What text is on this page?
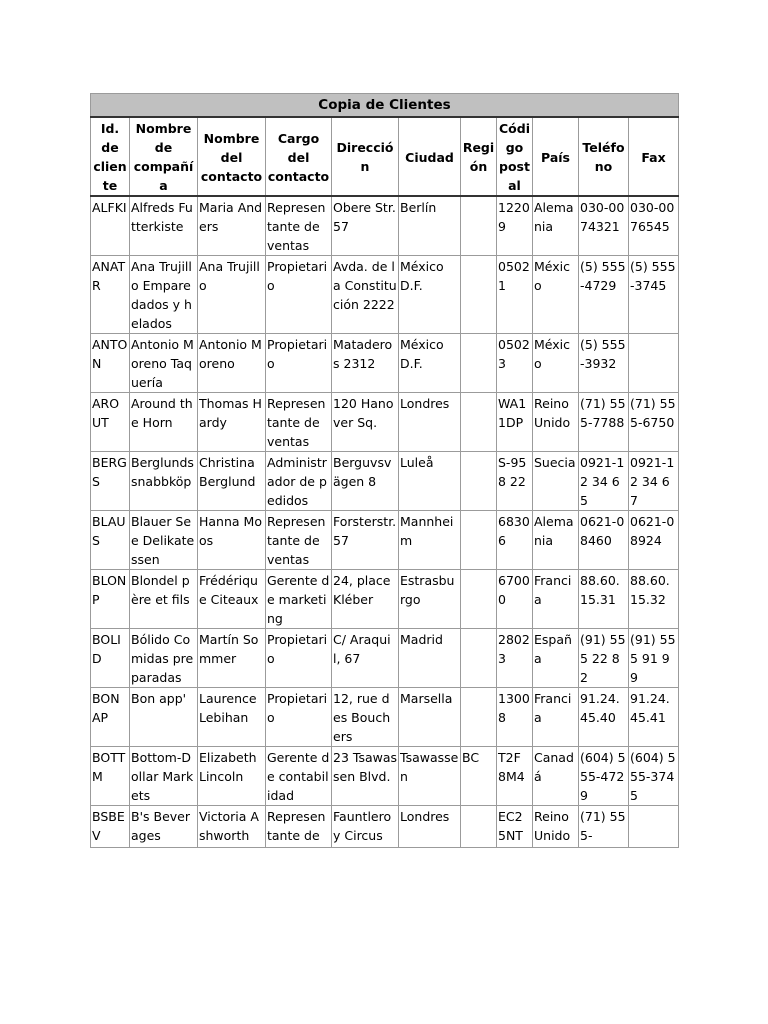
Copia de Clientes
Id. de cliente	Nombre de compañía	Nombre del contacto	Cargo del contacto	Dirección	Ciudad	Región	Código postal	País	Teléfono	Fax
ALFKI	Alfreds Futterkiste	Maria Anders	Representante de ventas	Obere Str. 57	Berlín		12209	Alemania	030-0074321	030-0076545
ANATR	Ana Trujillo Emparedados y helados	Ana Trujillo	Propietario	Avda. de la Constitución 2222	México D.F.		05021	México	(5) 555-4729	(5) 555-3745
ANTON	Antonio Moreno Taquería	Antonio Moreno	Propietario	Mataderos 2312	México D.F.		05023	México	(5) 555-3932	
AROUT	Around the Horn	Thomas Hardy	Representante de ventas	120 Hanover Sq.	Londres		WA1 1DP	Reino Unido	(71) 555-7788	(71) 555-6750
BERGS	Berglunds snabbköp	Christina Berglund	Administrador de pedidos	Berguvsvägen 8	Luleå		S-958 22	Suecia	0921-12 34 65	0921-12 34 67
BLAUS	Blauer See Delikatessen	Hanna Moos	Representante de ventas	Forsterstr. 57	Mannheim		68306	Alemania	0621-08460	0621-08924
BLONP	Blondel père et fils	Frédérique Citeaux	Gerente de marketing	24, place Kléber	Estrasburgo		67000	Francia	88.60.15.31	88.60.15.32
BOLID	Bólido Comidas preparadas	Martín Sommer	Propietario	C/ Araquil, 67	Madrid		28023	España	(91) 555 22 82	(91) 555 91 99
BONAP	Bon app'	Laurence Lebihan	Propietario	12, rue des Bouchers	Marsella		13008	Francia	91.24.45.40	91.24.45.41
BOTTM	Bottom-Dollar Markets	Elizabeth Lincoln	Gerente de contabilidad	23 Tsawassen Blvd.	Tsawassen	BC	T2F 8M4	Canadá	(604) 555-4729	(604) 555-3745
BSBEV	B's Beverages	Victoria Ashworth	Representante de	Fauntleroy Circus	Londres		EC2 5NT	Reino Unido	(71) 555-	
